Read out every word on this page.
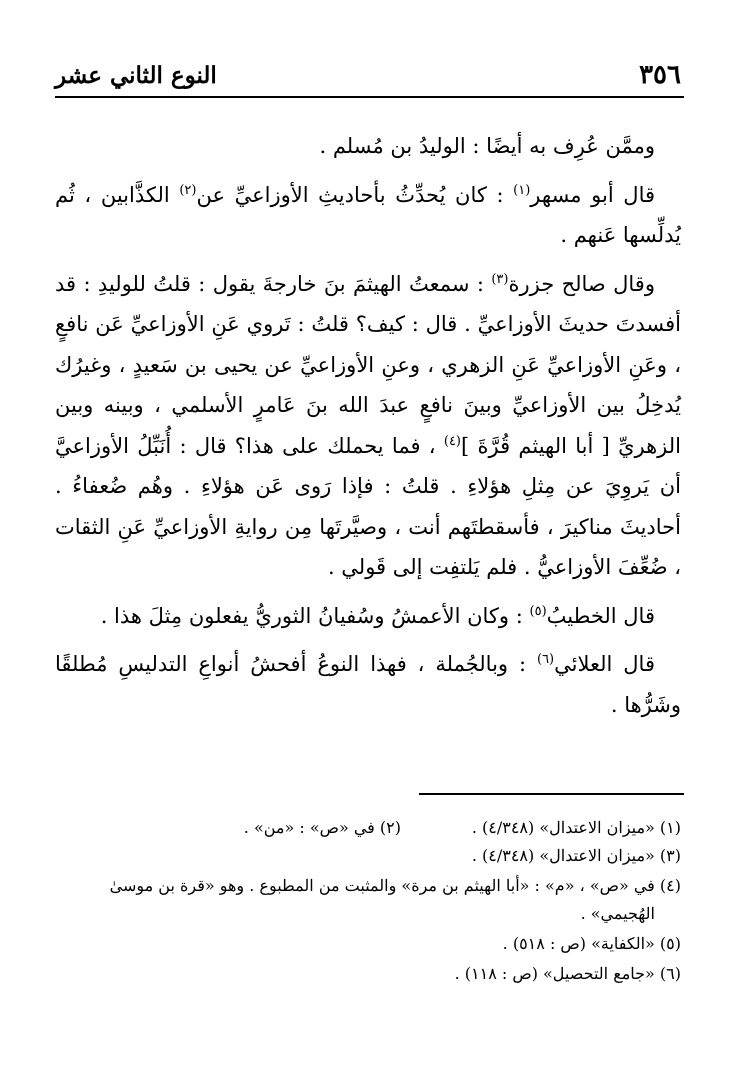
٣٥٦
النوع الثاني عشر

وممَّن عُرِف به أيضًا : الوليدُ بن مُسلم .

قال أبو مسهر$^{(١)}$ : كان يُحدِّثُ بأحاديثِ الأوزاعيِّ عن$^{(٢)}$ الكذَّابين ، ثُم يُدلِّسها عَنهم .

وقال صالح جزرة$^{(٣)}$ : سمعتُ الهيثمَ بنَ خارجةَ يقول : قلتُ للوليدِ : قد أفسدتَ حديثَ الأوزاعيِّ . قال : كيف؟ قلتُ : تَروي عَنِ الأوزاعيِّ عَن نافعٍ ، وعَنِ الأوزاعيِّ عَنِ الزهري ، وعنِ الأوزاعيِّ عن يحيى بن سَعيدٍ ، وغيرُك يُدخِلُ بين الأوزاعيِّ وبينَ نافعٍ عبدَ الله بنَ عَامرٍ الأسلمي ، وبينه وبين الزهريِّ [ أبا الهيثم قُرَّةَ ]$^{(٤)}$ ، فما يحملك على هذا؟ قال : أُنَبِّلُ الأوزاعيَّ أن يَروِيَ عن مِثلِ هؤلاءِ . قلتُ : فإذا رَوى عَن هؤلاءِ . وهُم ضُعفاءُ . أحاديثَ مناكيرَ ، فأسقطتَهم أنت ، وصيَّرتَها مِن روايةِ الأوزاعيِّ عَنِ الثقات ، ضُعِّفَ الأوزاعيُّ . فلم يَلتفِت إلى قَولي .

قال الخطيبُ$^{(٥)}$ : وكان الأعمشُ وسُفيانُ الثوريُّ يفعلون مِثلَ هذا .

قال العلائي$^{(٦)}$ : وبالجُملة ، فهذا النوعُ أفحشُ أنواعِ التدليسِ مُطلقًا وشَرُّها .

(١) «ميزان الاعتدال» (٤/٣٤٨) .
(٢) في «ص» : «من» .
(٣) «ميزان الاعتدال» (٤/٣٤٨) .
(٤) في «ص» ، «م» : «أبا الهيثم بن مرة» والمثبت من المطبوع . وهو «قرة بن موسىٰ الهُجيمي» .
(٥) «الكفاية» (ص : ٥١٨) .
(٦) «جامع التحصيل» (ص : ١١٨) .
